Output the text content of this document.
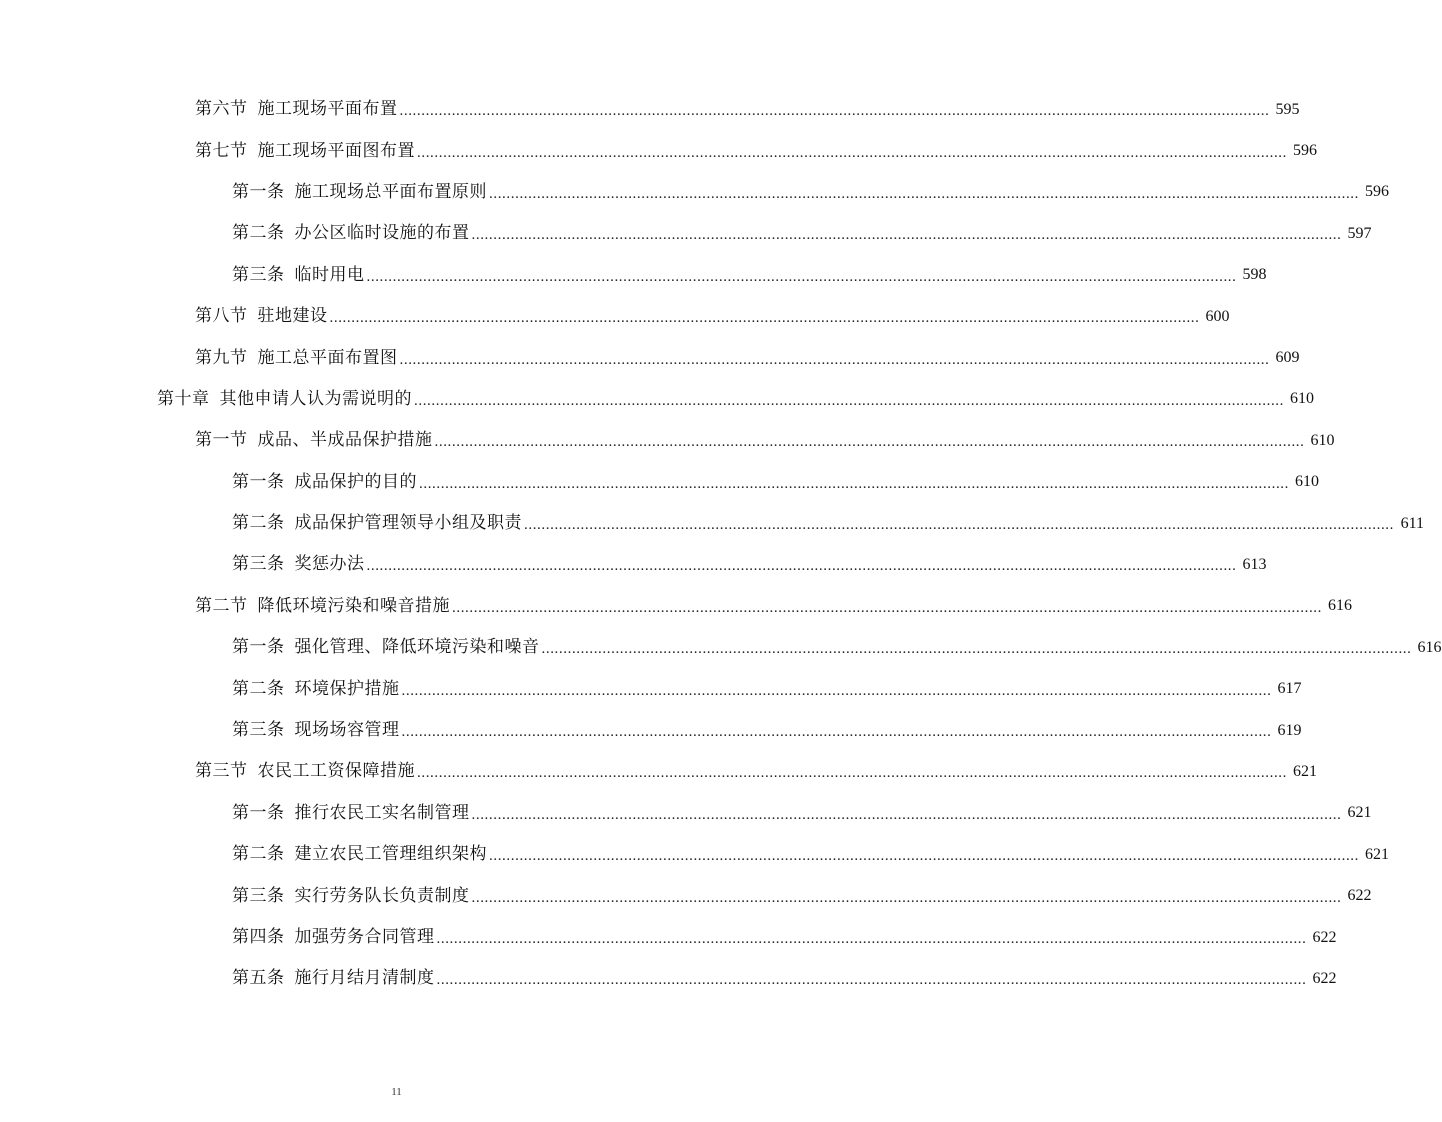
第六节 施工现场平面布置 ........................................................................................................................................................................................................ 595
第七节 施工现场平面图布置 ........................................................................................................................................................................................................ 596
第一条 施工现场总平面布置原则 ........................................................................................................................................................................................................ 596
第二条 办公区临时设施的布置 ........................................................................................................................................................................................................ 597
第三条 临时用电 ........................................................................................................................................................................................................ 598
第八节 驻地建设 ........................................................................................................................................................................................................ 600
第九节 施工总平面布置图 ........................................................................................................................................................................................................ 609
第十章 其他申请人认为需说明的 ........................................................................................................................................................................................................ 610
第一节 成品、半成品保护措施 ........................................................................................................................................................................................................ 610
第一条 成品保护的目的 ........................................................................................................................................................................................................ 610
第二条 成品保护管理领导小组及职责 ........................................................................................................................................................................................................ 611
第三条 奖惩办法 ........................................................................................................................................................................................................ 613
第二节 降低环境污染和噪音措施 ........................................................................................................................................................................................................ 616
第一条 强化管理、降低环境污染和噪音 ........................................................................................................................................................................................................ 616
第二条 环境保护措施 ........................................................................................................................................................................................................ 617
第三条 现场场容管理 ........................................................................................................................................................................................................ 619
第三节 农民工工资保障措施 ........................................................................................................................................................................................................ 621
第一条 推行农民工实名制管理 ........................................................................................................................................................................................................ 621
第二条 建立农民工管理组织架构 ........................................................................................................................................................................................................ 621
第三条 实行劳务队长负责制度 ........................................................................................................................................................................................................ 622
第四条 加强劳务合同管理 ........................................................................................................................................................................................................ 622
第五条 施行月结月清制度 ........................................................................................................................................................................................................ 622
11
